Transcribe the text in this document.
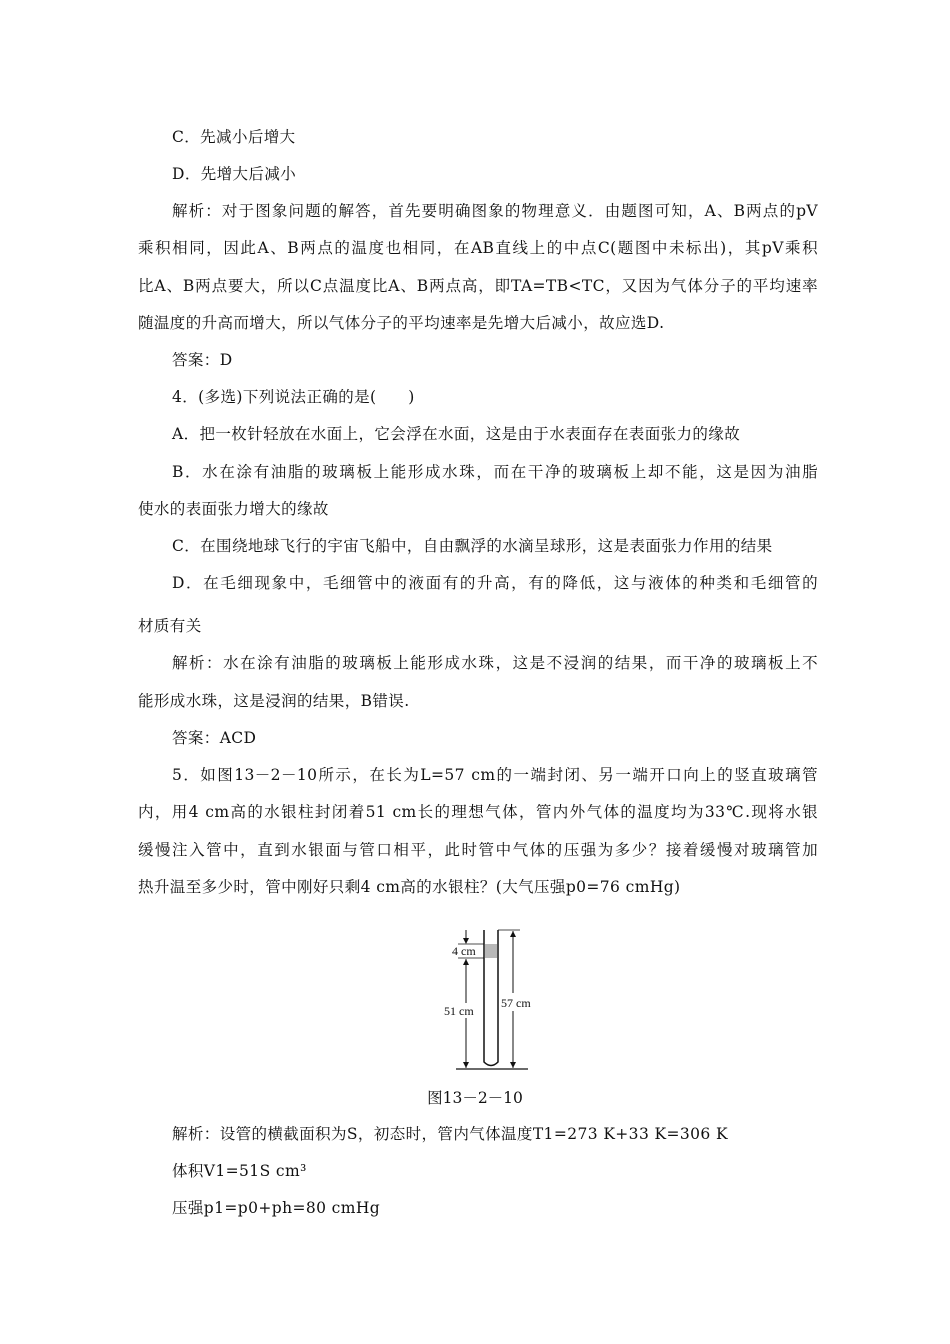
C．先减小后增大
D．先增大后减小
解析：对于图象问题的解答，首先要明确图象的物理意义．由题图可知，A、B两点的pV
乘积相同，因此A、B两点的温度也相同，在AB直线上的中点C(题图中未标出)，其pV乘积
比A、B两点要大，所以C点温度比A、B两点高，即TA=TB<TC，又因为气体分子的平均速率
随温度的升高而增大，所以气体分子的平均速率是先增大后减小，故应选D.
答案：D
4．(多选)下列说法正确的是(　　)
A．把一枚针轻放在水面上，它会浮在水面，这是由于水表面存在表面张力的缘故
B．水在涂有油脂的玻璃板上能形成水珠，而在干净的玻璃板上却不能，这是因为油脂
使水的表面张力增大的缘故
C．在围绕地球飞行的宇宙飞船中，自由飘浮的水滴呈球形，这是表面张力作用的结果
D．在毛细现象中，毛细管中的液面有的升高，有的降低，这与液体的种类和毛细管的
材质有关
解析：水在涂有油脂的玻璃板上能形成水珠，这是不浸润的结果，而干净的玻璃板上不
能形成水珠，这是浸润的结果，B错误.
答案：ACD
5．如图13－2－10所示，在长为L=57 cm的一端封闭、另一端开口向上的竖直玻璃管
内，用4 cm高的水银柱封闭着51 cm长的理想气体，管内外气体的温度均为33℃.现将水银
缓慢注入管中，直到水银面与管口相平，此时管中气体的压强为多少？接着缓慢对玻璃管加
热升温至多少时，管中刚好只剩4 cm高的水银柱？(大气压强p0=76 cmHg)
4 cm
51 cm
57 cm
图13－2－10
解析：设管的横截面积为S，初态时，管内气体温度T1=273 K+33 K=306 K
体积V1=51S cm³
压强p1=p0+ph=80 cmHg
